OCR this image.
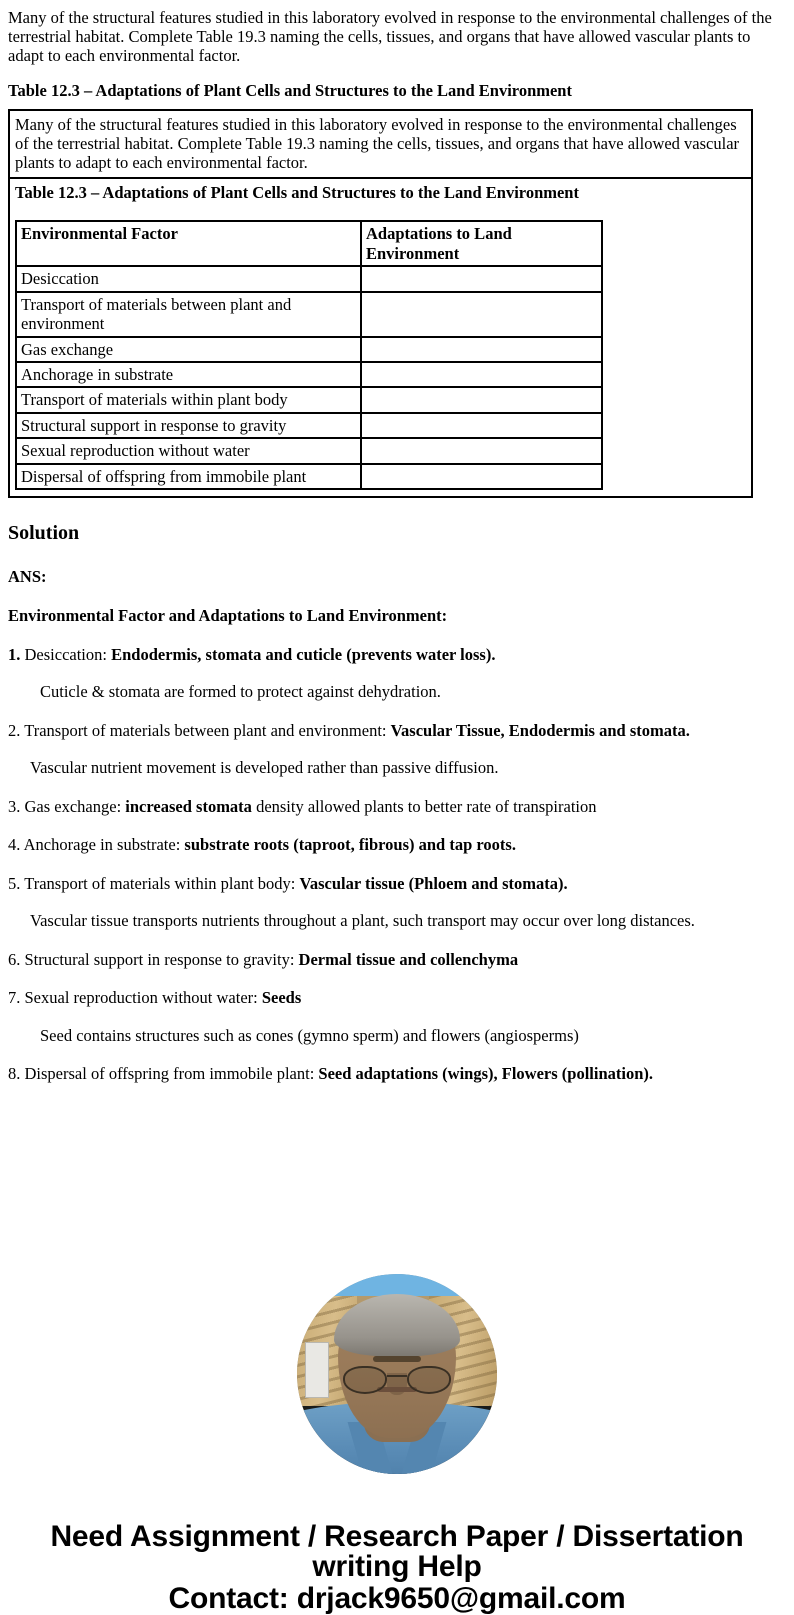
Many of the structural features studied in this laboratory evolved in response to the environmental challenges of the terrestrial habitat. Complete Table 19.3 naming the cells, tissues, and organs that have allowed vascular plants to adapt to each environmental factor.

Table 12.3 – Adaptations of Plant Cells and Structures to the Land Environment

Many of the structural features studied in this laboratory evolved in response to the environmental challenges of the terrestrial habitat. Complete Table 19.3 naming the cells, tissues, and organs that have allowed vascular plants to adapt to each environmental factor.

Table 12.3 – Adaptations of Plant Cells and Structures to the Land Environment
Environmental Factor	Adaptations to Land Environment
Desiccation	
Transport of materials between plant and environment	
Gas exchange	
Anchorage in substrate	
Transport of materials within plant body	
Structural support in response to gravity	
Sexual reproduction without water	
Dispersal of offspring from immobile plant	
Solution

ANS:

Environmental Factor and Adaptations to Land Environment:

1. Desiccation: Endodermis, stomata and cuticle (prevents water loss).

Cuticle & stomata are formed to protect against dehydration.

2. Transport of materials between plant and environment: Vascular Tissue, Endodermis and stomata.

Vascular nutrient movement is developed rather than passive diffusion.

3. Gas exchange: increased stomata density allowed plants to better rate of transpiration

4. Anchorage in substrate: substrate roots (taproot, fibrous) and tap roots.

5. Transport of materials within plant body: Vascular tissue (Phloem and stomata).

Vascular tissue transports nutrients throughout a plant, such transport may occur over long distances.

6. Structural support in response to gravity: Dermal tissue and collenchyma

7. Sexual reproduction without water: Seeds

Seed contains structures such as cones (gymno sperm) and flowers (angiosperms)

8. Dispersal of offspring from immobile plant: Seed adaptations (wings), Flowers (pollination).

Need Assignment / Research Paper / Dissertation
writing Help
Contact: drjack9650@gmail.com
